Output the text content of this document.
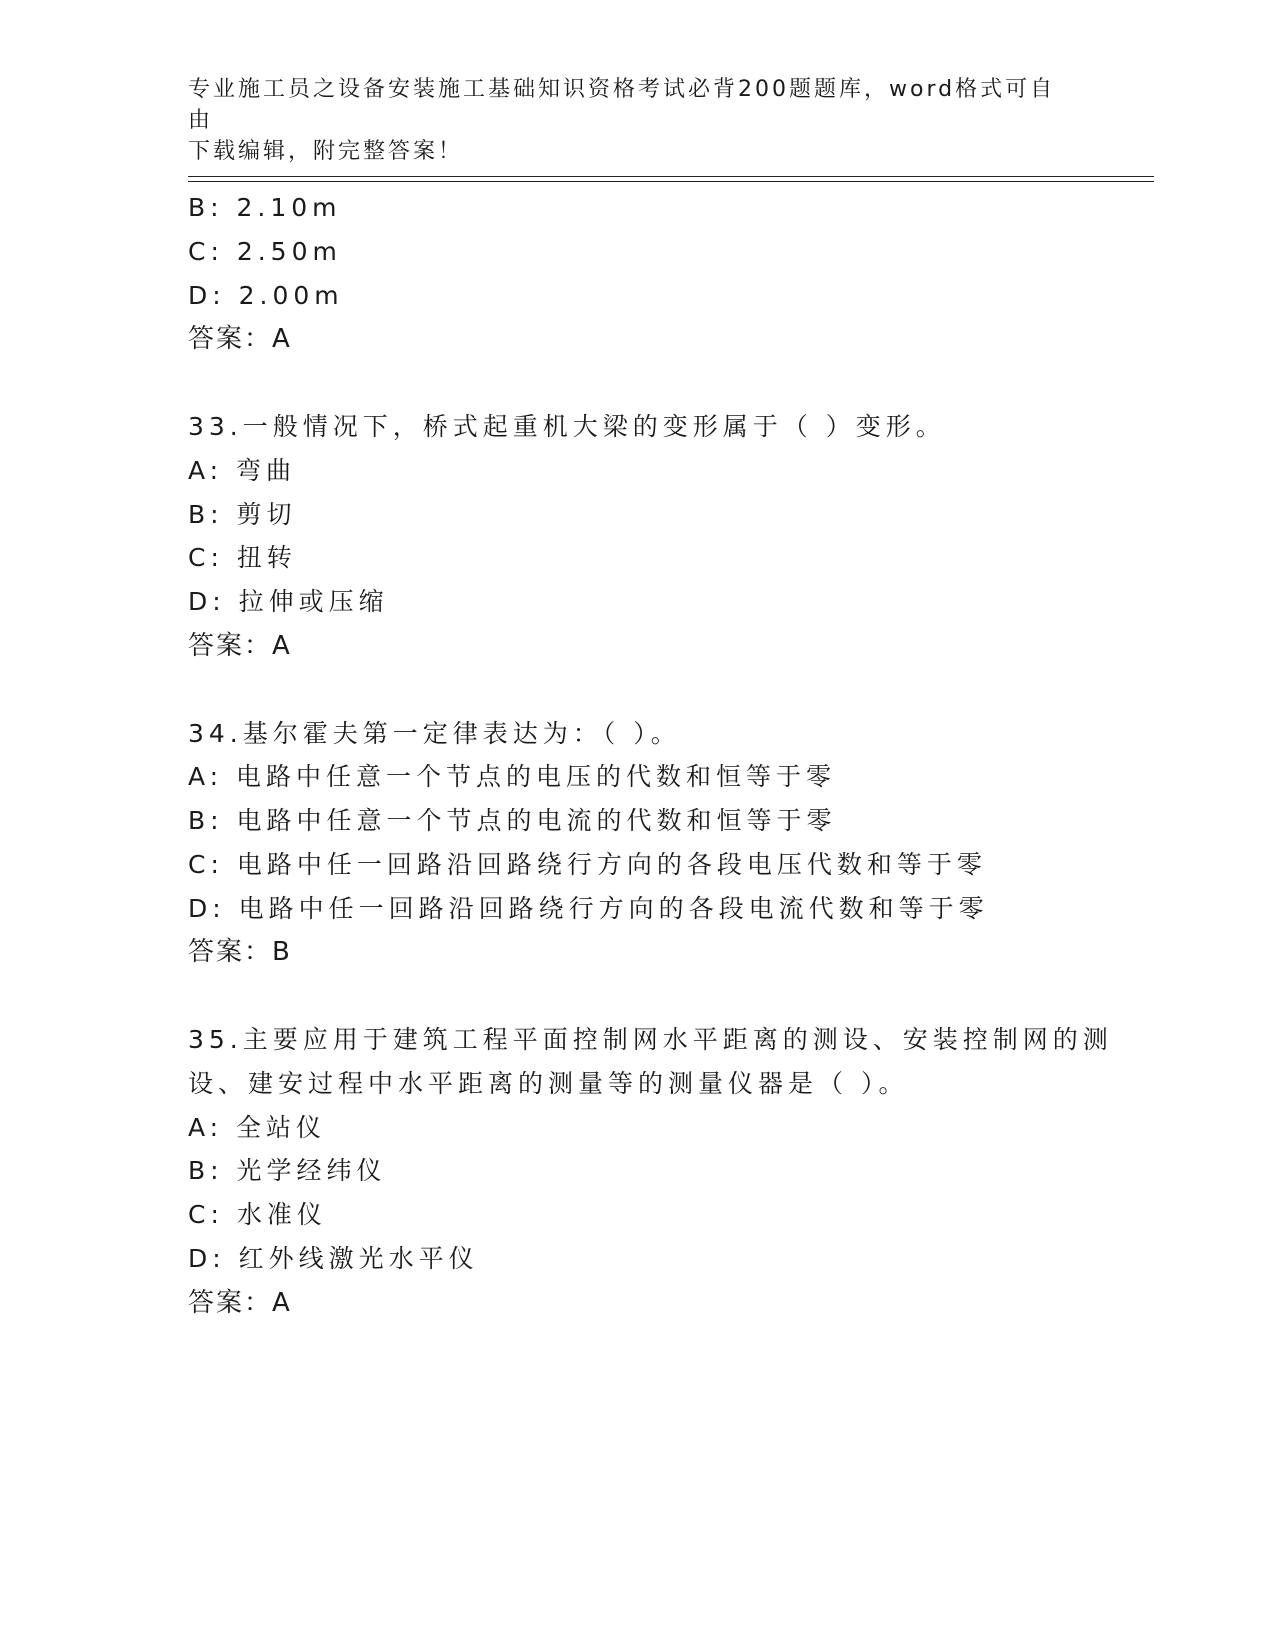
专业施工员之设备安装施工基础知识资格考试必背200题题库，word格式可自由
下载编辑，附完整答案！
B: 2.10m
C: 2.50m
D: 2.00m
答案：A
33.一般情况下，桥式起重机大梁的变形属于（ ）变形。
A: 弯曲
B: 剪切
C: 扭转
D: 拉伸或压缩
答案：A
34.基尔霍夫第一定律表达为：（ ）。
A: 电路中任意一个节点的电压的代数和恒等于零
B: 电路中任意一个节点的电流的代数和恒等于零
C: 电路中任一回路沿回路绕行方向的各段电压代数和等于零
D: 电路中任一回路沿回路绕行方向的各段电流代数和等于零
答案：B
35.主要应用于建筑工程平面控制网水平距离的测设、安装控制网的测
设、建安过程中水平距离的测量等的测量仪器是（ ）。
A: 全站仪
B: 光学经纬仪
C: 水准仪
D: 红外线激光水平仪
答案：A
